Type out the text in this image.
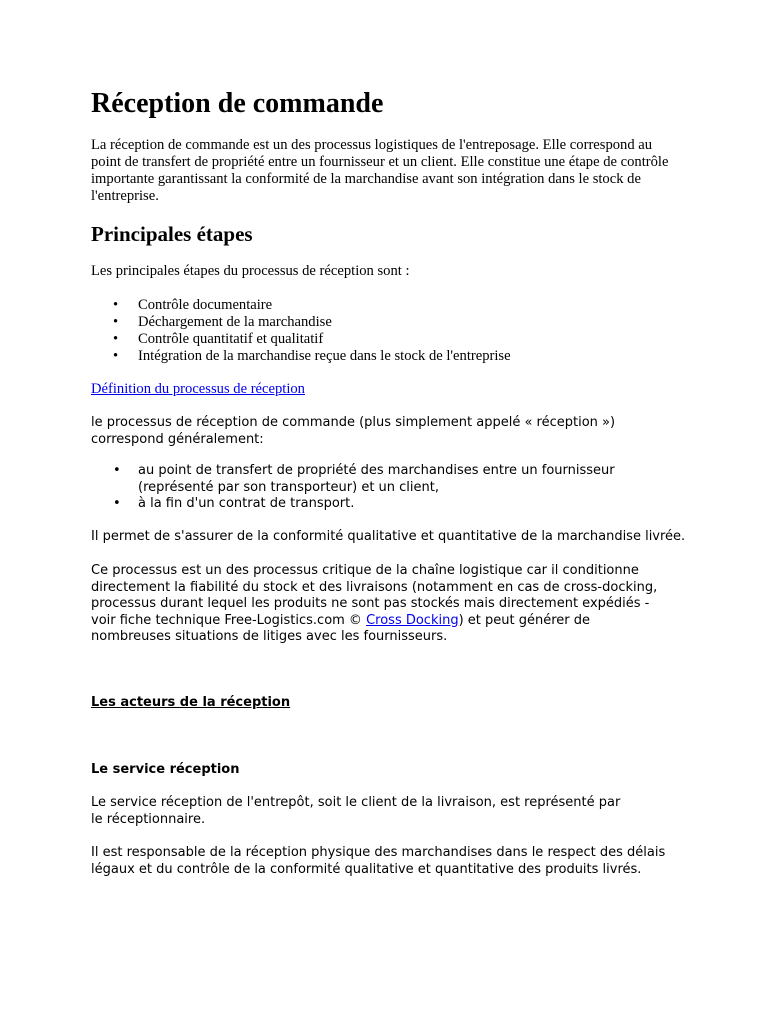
Réception de commande

La réception de commande est un des processus logistiques de l'entreposage. Elle correspond au point de transfert de propriété entre un fournisseur et un client. Elle constitue une étape de contrôle importante garantissant la conformité de la marchandise avant son intégration dans le stock de l'entreprise.

Principales étapes

Les principales étapes du processus de réception sont :

• Contrôle documentaire
• Déchargement de la marchandise
• Contrôle quantitatif et qualitatif
• Intégration de la marchandise reçue dans le stock de l'entreprise
Définition du processus de réception

le processus de réception de commande (plus simplement appelé « réception ») correspond généralement:

• au point de transfert de propriété des marchandises entre un fournisseur (représenté par son transporteur) et un client,
• à la fin d'un contrat de transport.

Il permet de s'assurer de la conformité qualitative et quantitative de la marchandise livrée.

Ce processus est un des processus critique de la chaîne logistique car il conditionne directement la fiabilité du stock et des livraisons (notamment en cas de cross-docking, processus durant lequel les produits ne sont pas stockés mais directement expédiés - voir fiche technique Free-Logistics.com © Cross Docking) et peut générer de nombreuses situations de litiges avec les fournisseurs.

Les acteurs de la réception

Le service réception

Le service réception de l'entrepôt, soit le client de la livraison, est représenté par le réceptionnaire.

Il est responsable de la réception physique des marchandises dans le respect des délais légaux et du contrôle de la conformité qualitative et quantitative des produits livrés.
